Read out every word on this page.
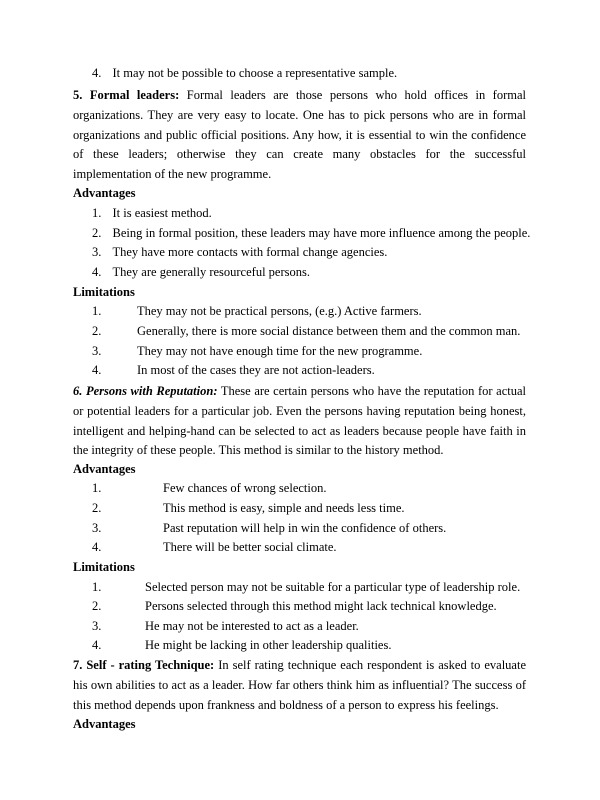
4. It may not be possible to choose a representative sample.
5. Formal leaders: Formal leaders are those persons who hold offices in formal organizations. They are very easy to locate. One has to pick persons who are in formal organizations and public official positions. Any how, it is essential to win the confidence of these leaders; otherwise they can create many obstacles for the successful implementation of the new programme.
Advantages
1. It is easiest method.
2. Being in formal position, these leaders may have more influence among the people.
3. They have more contacts with formal change agencies.
4. They are generally resourceful persons.
Limitations
1.	They may not be practical persons, (e.g.) Active farmers.
2.	Generally, there is more social distance between them and the common man.
3.	They may not have enough time for the new programme.
4.	In most of the cases they are not action-leaders.
6. Persons with Reputation: These are certain persons who have the reputation for actual or potential leaders for a particular job. Even the persons having reputation being honest, intelligent and helping-hand can be selected to act as leaders because people have faith in the integrity of these people. This method is similar to the history method.
Advantages
1.	Few chances of wrong selection.
2.	This method is easy, simple and needs less time.
3.	Past reputation will help in win the confidence of others.
4.	There will be better social climate.
Limitations
1.	Selected person may not be suitable for a particular type of leadership role.
2.	Persons selected through this method might lack technical knowledge.
3.	He may not be interested to act as a leader.
4.	He might be lacking in other leadership qualities.
7. Self - rating Technique: In self rating technique each respondent is asked to evaluate his own abilities to act as a leader. How far others think him as influential? The success of this method depends upon frankness and boldness of a person to express his feelings.
Advantages
